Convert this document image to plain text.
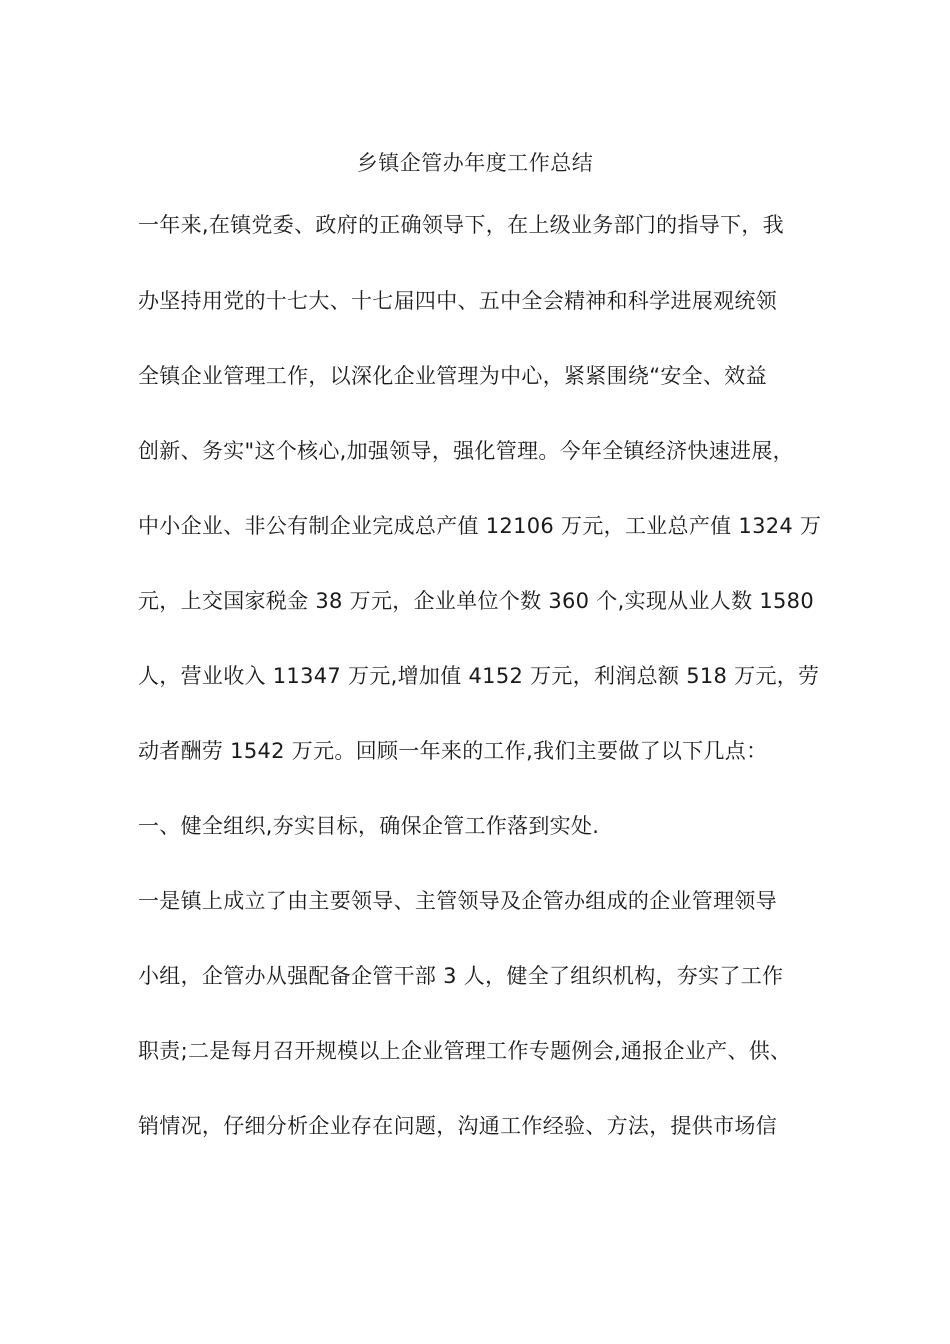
乡镇企管办年度工作总结
一年来,在镇党委、政府的正确领导下，在上级业务部门的指导下，我
办坚持用党的十七大、十七届四中、五中全会精神和科学进展观统领
全镇企业管理工作，以深化企业管理为中心，紧紧围绕“安全、效益
创新、务实"这个核心,加强领导，强化管理。今年全镇经济快速进展，
中小企业、非公有制企业完成总产值 12106 万元，工业总产值 1324 万
元，上交国家税金 38 万元，企业单位个数 360 个,实现从业人数 1580
人，营业收入 11347 万元,增加值 4152 万元，利润总额 518 万元，劳
动者酬劳 1542 万元。回顾一年来的工作,我们主要做了以下几点：
一、健全组织,夯实目标，确保企管工作落到实处.
一是镇上成立了由主要领导、主管领导及企管办组成的企业管理领导
小组，企管办从强配备企管干部 3 人，健全了组织机构，夯实了工作
职责;二是每月召开规模以上企业管理工作专题例会,通报企业产、供、
销情况，仔细分析企业存在问题，沟通工作经验、方法，提供市场信
